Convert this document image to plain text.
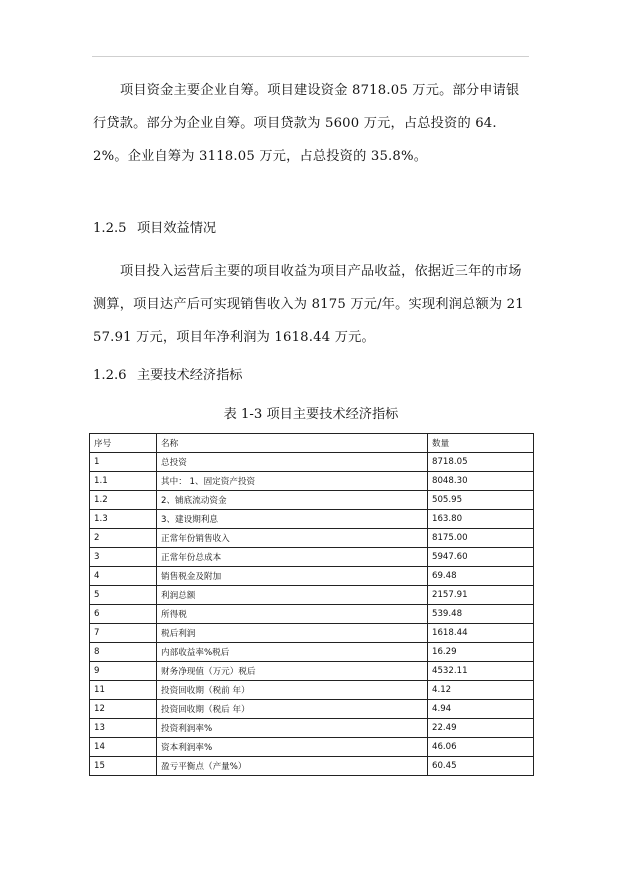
项目资金主要企业自筹。项目建设资金 8718.05 万元。部分申请银行贷款。部分为企业自筹。项目贷款为 5600 万元，占总投资的 64.2%。企业自筹为 3118.05 万元，占总投资的 35.8%。

1.2.5 项目效益情况

项目投入运营后主要的项目收益为项目产品收益，依据近三年的市场测算，项目达产后可实现销售收入为 8175 万元/年。实现利润总额为 2157.91 万元，项目年净利润为 1618.44 万元。

1.2.6 主要技术经济指标

表 1-3 项目主要技术经济指标

序号	名称	数量
1	总投资	8718.05
1.1	其中： 1、固定资产投资	8048.30
1.2	2、铺底流动资金	505.95
1.3	3、建设期利息	163.80
2	正常年份销售收入	8175.00
3	正常年份总成本	5947.60
4	销售税金及附加	69.48
5	利润总额	2157.91
6	所得税	539.48
7	税后利润	1618.44
8	内部收益率%税后	16.29
9	财务净现值（万元）税后	4532.11
11	投资回收期（税前 年）	4.12
12	投资回收期（税后 年）	4.94
13	投资利润率%	22.49
14	资本利润率%	46.06
15	盈亏平衡点（产量%）	60.45
